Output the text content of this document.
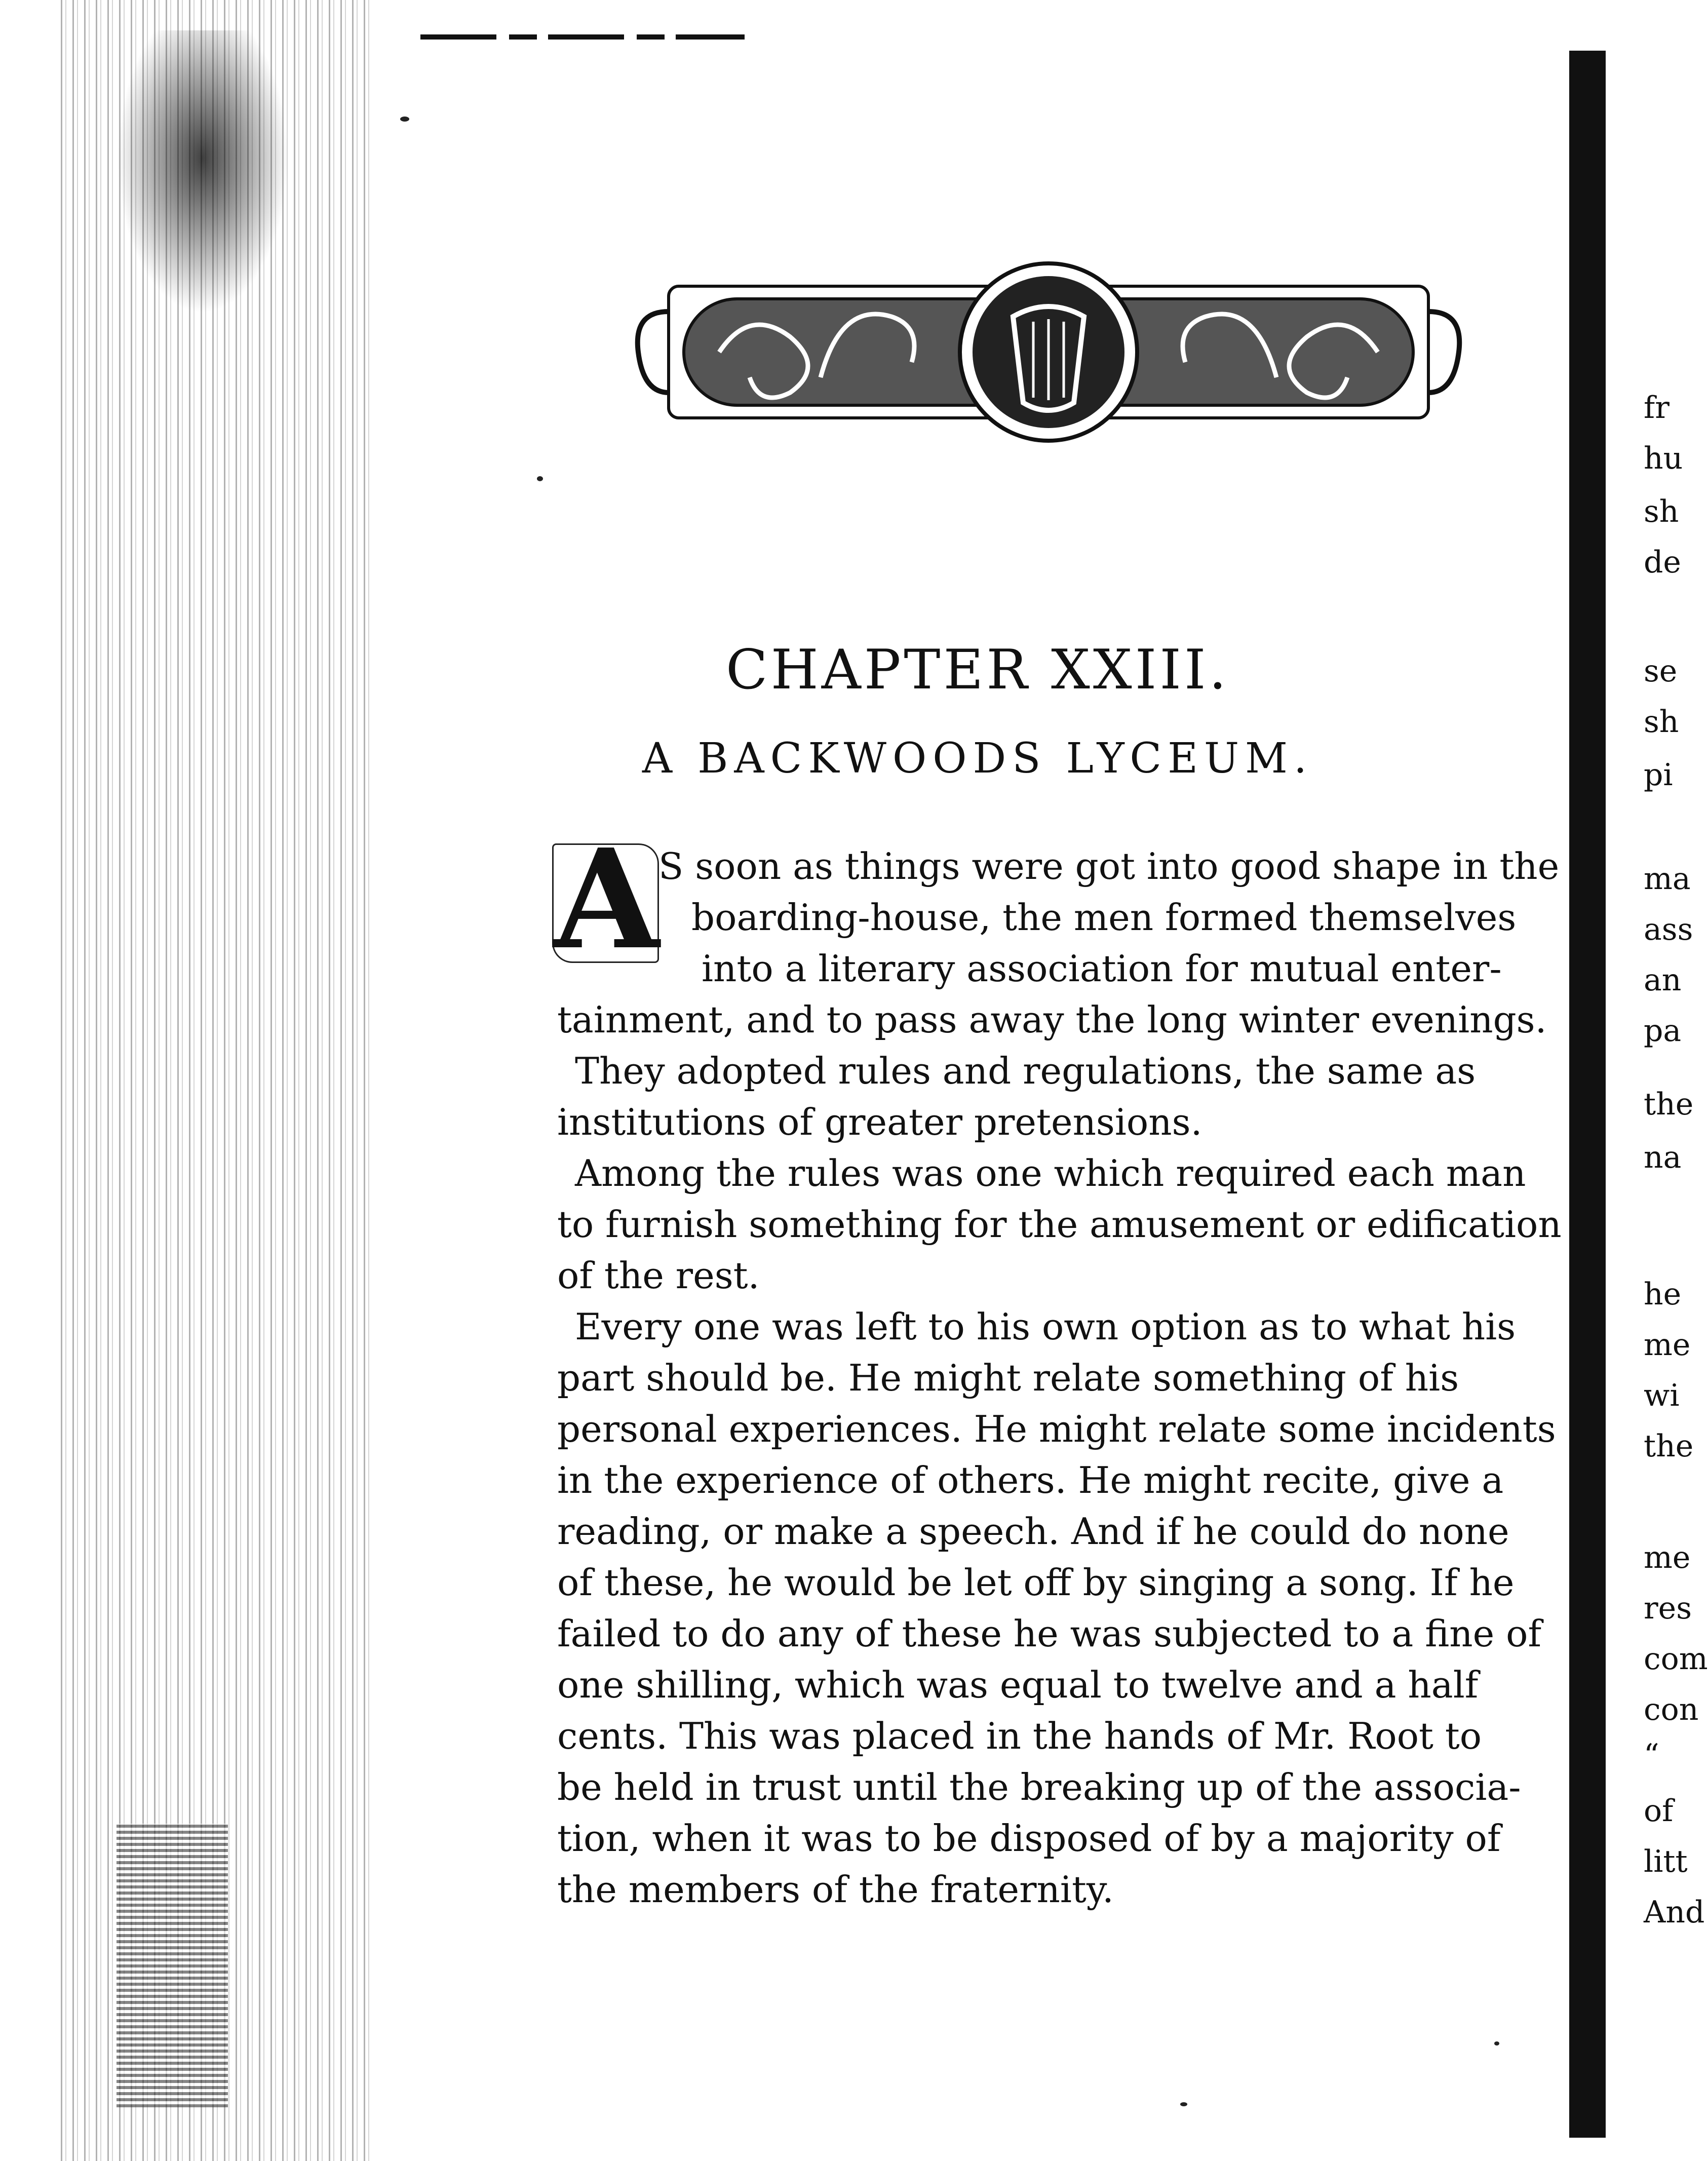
CHAPTER XXIII.
A BACKWOODS LYCEUM.
A
S soon as things were got into good shape in the
boarding-house, the men formed themselves
into a literary association for mutual enter-
tainment, and to pass away the long winter evenings.
They adopted rules and regulations, the same as
institutions of greater pretensions.
Among the rules was one which required each man
to furnish something for the amusement or edification
of the rest.
Every one was left to his own option as to what his
part should be. He might relate something of his
personal experiences. He might relate some incidents
in the experience of others. He might recite, give a
reading, or make a speech. And if he could do none
of these, he would be let off by singing a song. If he
failed to do any of these he was subjected to a fine of
one shilling, which was equal to twelve and a half
cents. This was placed in the hands of Mr. Root to
be held in trust until the breaking up of the associa-
tion, when it was to be disposed of by a majority of
the members of the fraternity.
fr
hu
sh
de
se
sh
pi
ma
ass
an
pa
the
na
he
me
wi
the
me
res
com
con
“
of
litt
And
